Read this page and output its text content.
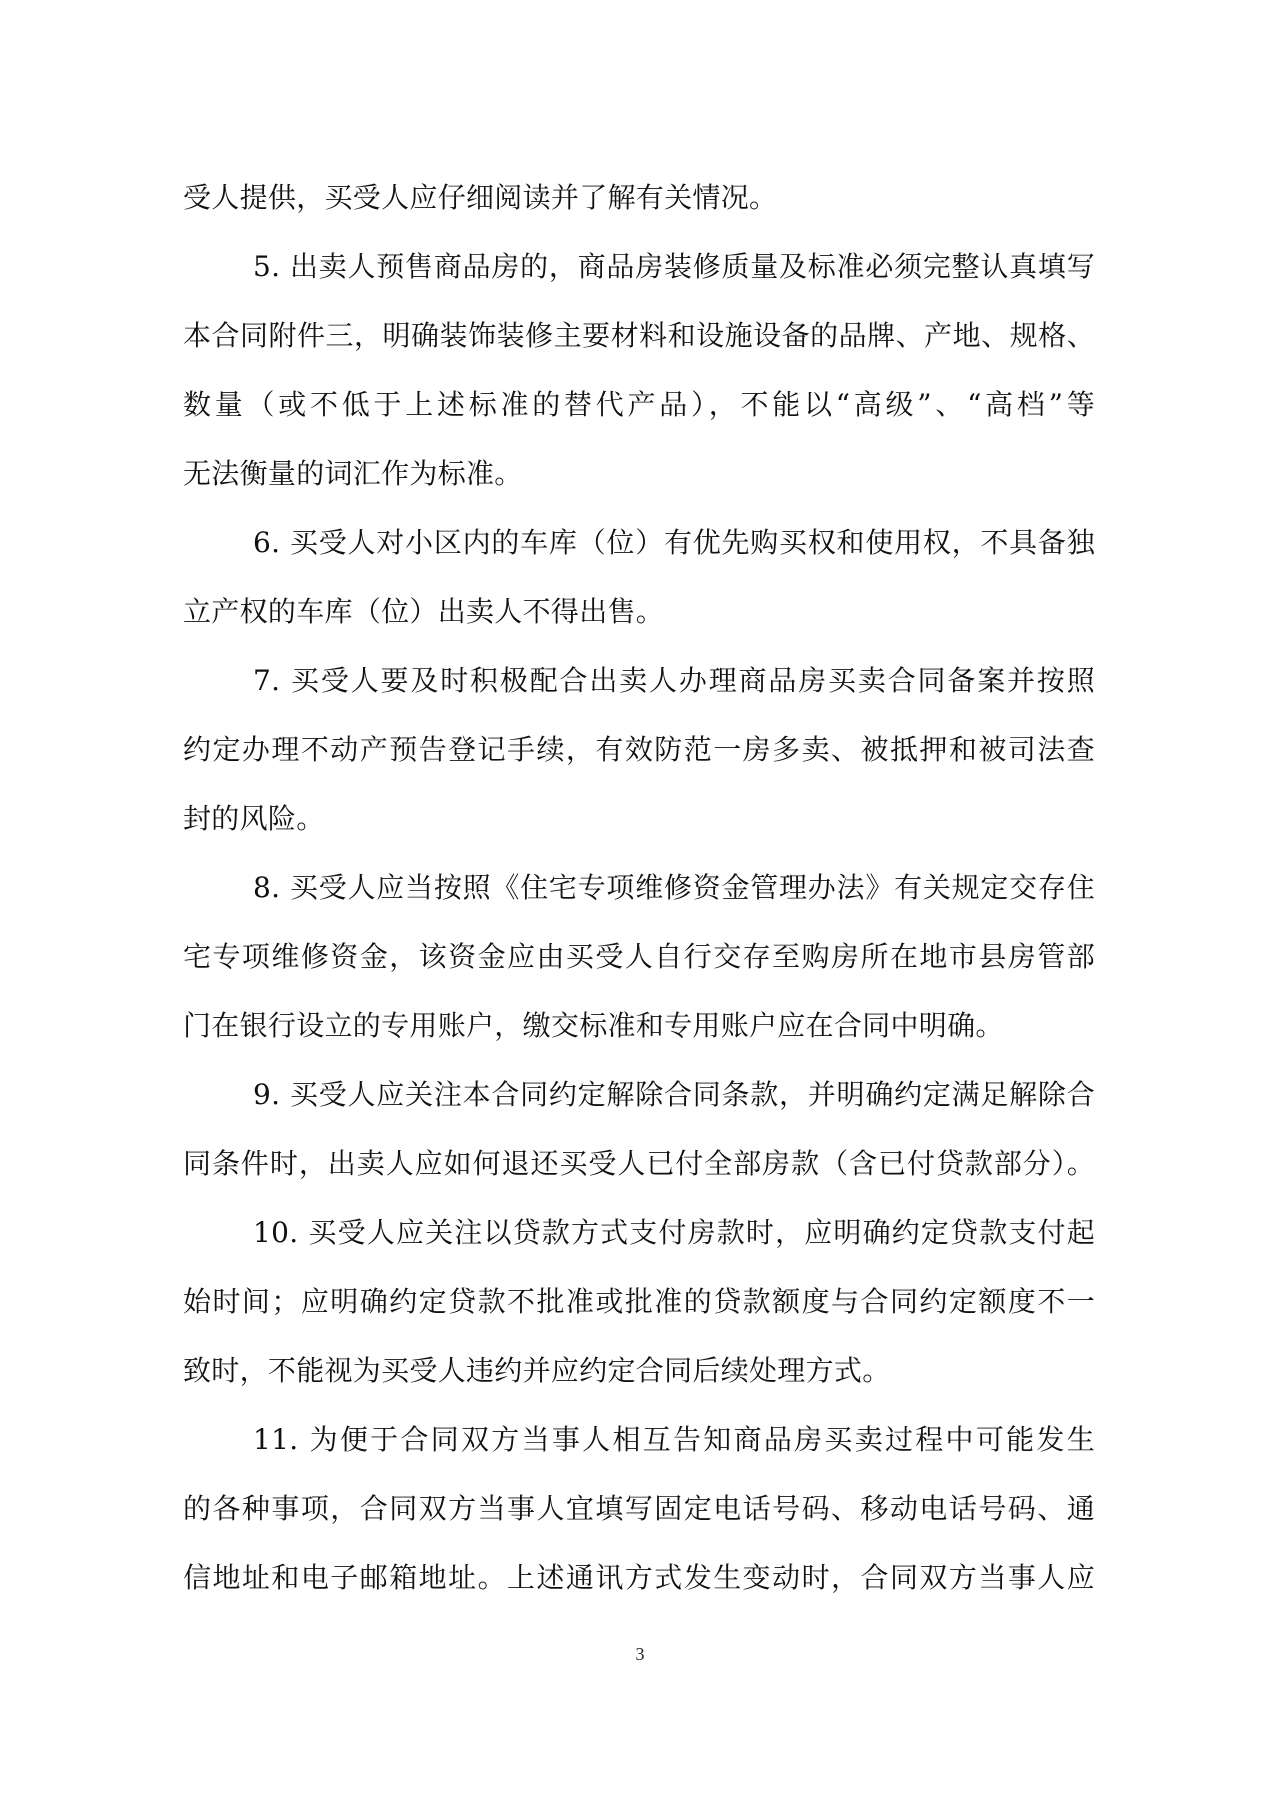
受人提供，买受人应仔细阅读并了解有关情况。
5. 出卖人预售商品房的，商品房装修质量及标准必须完整认真填写
本合同附件三，明确装饰装修主要材料和设施设备的品牌、产地、规格、
数量（或不低于上述标准的替代产品），不能以“高级”、“高档”等
无法衡量的词汇作为标准。
6. 买受人对小区内的车库（位）有优先购买权和使用权，不具备独
立产权的车库（位）出卖人不得出售。
7. 买受人要及时积极配合出卖人办理商品房买卖合同备案并按照
约定办理不动产预告登记手续，有效防范一房多卖、被抵押和被司法查
封的风险。
8. 买受人应当按照《住宅专项维修资金管理办法》有关规定交存住
宅专项维修资金，该资金应由买受人自行交存至购房所在地市县房管部
门在银行设立的专用账户，缴交标准和专用账户应在合同中明确。
9. 买受人应关注本合同约定解除合同条款，并明确约定满足解除合
同条件时，出卖人应如何退还买受人已付全部房款（含已付贷款部分）。
10. 买受人应关注以贷款方式支付房款时，应明确约定贷款支付起
始时间；应明确约定贷款不批准或批准的贷款额度与合同约定额度不一
致时，不能视为买受人违约并应约定合同后续处理方式。
11. 为便于合同双方当事人相互告知商品房买卖过程中可能发生
的各种事项，合同双方当事人宜填写固定电话号码、移动电话号码、通
信地址和电子邮箱地址。上述通讯方式发生变动时，合同双方当事人应
3
